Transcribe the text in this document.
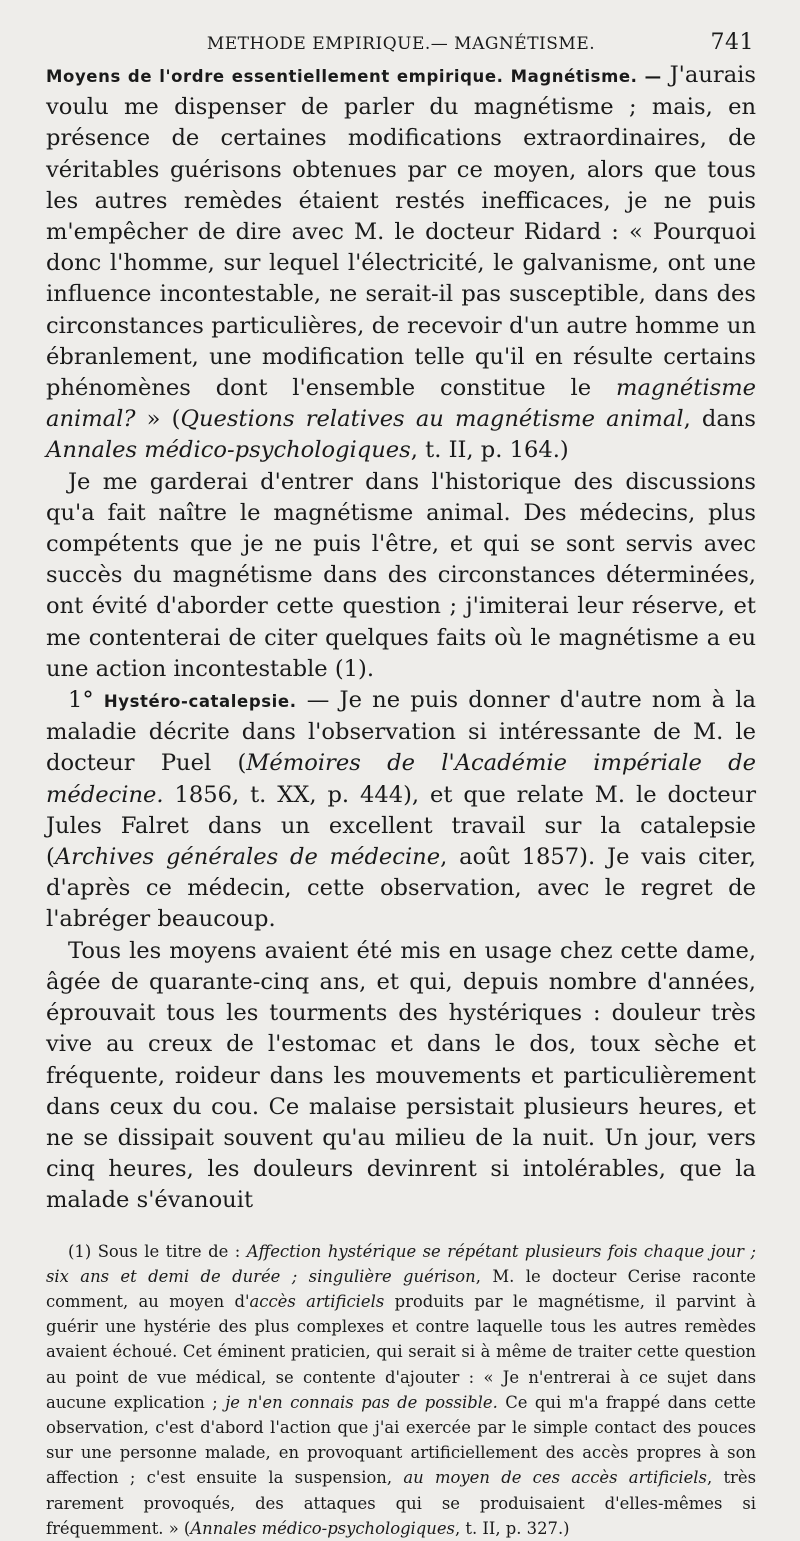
METHODE EMPIRIQUE.— MAGNÉTISME.	741

Moyens de l'ordre essentiellement empirique. Magnétisme. — J'aurais voulu me dispenser de parler du magnétisme ; mais, en présence de certaines modifications extraordinaires, de véritables guérisons obtenues par ce moyen, alors que tous les autres remèdes étaient restés inefficaces, je ne puis m'empêcher de dire avec M. le docteur Ridard : « Pourquoi donc l'homme, sur lequel l'électricité, le galvanisme, ont une influence incontestable, ne serait-il pas susceptible, dans des circonstances particulières, de recevoir d'un autre homme un ébranlement, une modification telle qu'il en résulte certains phénomènes dont l'ensemble constitue le magnétisme animal? » (Questions relatives au magnétisme animal, dans Annales médico-psychologiques, t. II, p. 164.)

Je me garderai d'entrer dans l'historique des discussions qu'a fait naître le magnétisme animal. Des médecins, plus compétents que je ne puis l'être, et qui se sont servis avec succès du magnétisme dans des circonstances déterminées, ont évité d'aborder cette question ; j'imiterai leur réserve, et me contenterai de citer quelques faits où le magnétisme a eu une action incontestable (1).

1° Hystéro-catalepsie. — Je ne puis donner d'autre nom à la maladie décrite dans l'observation si intéressante de M. le docteur Puel (Mémoires de l'Académie impériale de médecine. 1856, t. XX, p. 444), et que relate M. le docteur Jules Falret dans un excellent travail sur la catalepsie (Archives générales de médecine, août 1857). Je vais citer, d'après ce médecin, cette observation, avec le regret de l'abréger beaucoup.

Tous les moyens avaient été mis en usage chez cette dame, âgée de quarante-cinq ans, et qui, depuis nombre d'années, éprouvait tous les tourments des hystériques : douleur très vive au creux de l'estomac et dans le dos, toux sèche et fréquente, roideur dans les mouvements et particulièrement dans ceux du cou. Ce malaise persistait plusieurs heures, et ne se dissipait souvent qu'au milieu de la nuit. Un jour, vers cinq heures, les douleurs devinrent si intolérables, que la malade s'évanouit

(1) Sous le titre de : Affection hystérique se répétant plusieurs fois chaque jour ; six ans et demi de durée ; singulière guérison, M. le docteur Cerise raconte comment, au moyen d'accès artificiels produits par le magnétisme, il parvint à guérir une hystérie des plus complexes et contre laquelle tous les autres remèdes avaient échoué. Cet éminent praticien, qui serait si à même de traiter cette question au point de vue médical, se contente d'ajouter : « Je n'entrerai à ce sujet dans aucune explication ; je n'en connais pas de possible. Ce qui m'a frappé dans cette observation, c'est d'abord l'action que j'ai exercée par le simple contact des pouces sur une personne malade, en provoquant artificiellement des accès propres à son affection ; c'est ensuite la suspension, au moyen de ces accès artificiels, très rarement provoqués, des attaques qui se produisaient d'elles-mêmes si fréquemment. » (Annales médico-psychologiques, t. II, p. 327.)
